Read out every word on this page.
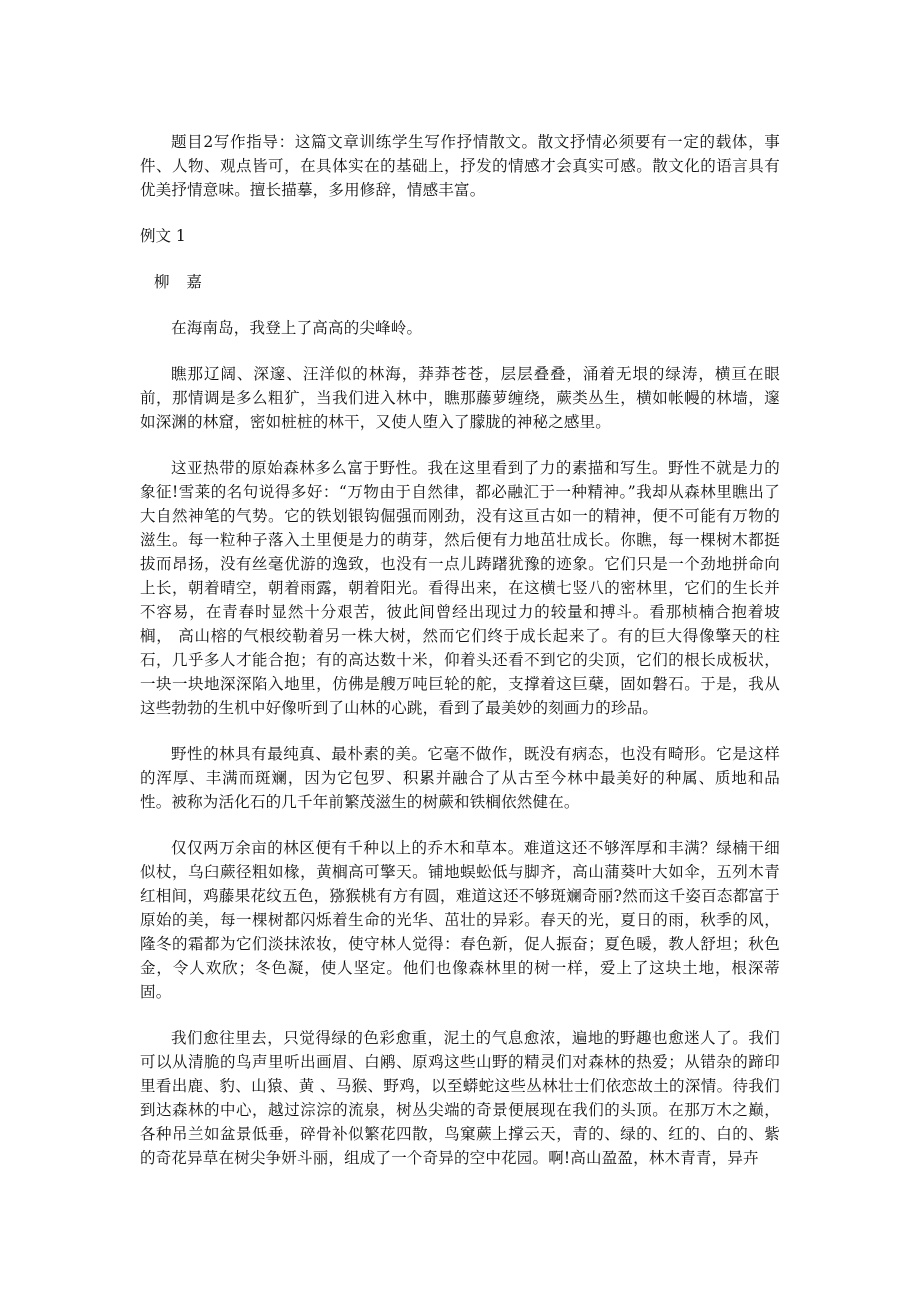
题目2写作指导：这篇文章训练学生写作抒情散文。散文抒情必须要有一定的载体，事件、人物、观点皆可，在具体实在的基础上，抒发的情感才会真实可感。散文化的语言具有优美抒情意味。擅长描摹，多用修辞，情感丰富。

例文 1

柳 嘉

在海南岛，我登上了高高的尖峰岭。

瞧那辽阔、深邃、汪洋似的林海，莽莽苍苍，层层叠叠，涌着无垠的绿涛，横亘在眼前，那情调是多么粗犷，当我们进入林中，瞧那藤萝缠绕，蕨类丛生，横如帐幔的林墙，邃如深渊的林窟，密如桩桩的林干，又使人堕入了朦胧的神秘之感里。

这亚热带的原始森林多么富于野性。我在这里看到了力的素描和写生。野性不就是力的象征!雪莱的名句说得多好：“万物由于自然律，都必融汇于一种精神。”我却从森林里瞧出了大自然神笔的气势。它的铁划银钩倔强而刚劲，没有这亘古如一的精神，便不可能有万物的滋生。每一粒种子落入土里便是力的萌芽，然后便有力地茁壮成长。你瞧，每一棵树木都挺拔而昂扬，没有丝毫优游的逸致，也没有一点儿踌躇犹豫的迹象。它们只是一个劲地拼命向上长，朝着晴空，朝着雨露，朝着阳光。看得出来，在这横七竖八的密林里，它们的生长并不容易，在青春时显然十分艰苦，彼此间曾经出现过力的较量和搏斗。看那桢楠合抱着坡榈， 高山榕的气根绞勒着另一株大树，然而它们终于成长起来了。有的巨大得像擎天的柱石，几乎多人才能合抱；有的高达数十米，仰着头还看不到它的尖顶，它们的根长成板状，一块一块地深深陷入地里，仿佛是艘万吨巨轮的舵，支撑着这巨蘖，固如磐石。于是，我从这些勃勃的生机中好像听到了山林的心跳，看到了最美妙的刻画力的珍品。

野性的林具有最纯真、最朴素的美。它毫不做作，既没有病态，也没有畸形。它是这样的浑厚、丰满而斑斓，因为它包罗、积累并融合了从古至今林中最美好的种属、质地和品性。被称为活化石的几千年前繁茂滋生的树蕨和铁榈依然健在。

仅仅两万余亩的林区便有千种以上的乔木和草本。难道这还不够浑厚和丰满？绿楠干细似杖，乌臼蕨径粗如椽，黄榈高可擎天。铺地蜈蚣低与脚齐，高山蒲葵叶大如伞，五列木青红相间，鸡藤果花纹五色，猕猴桃有方有圆，难道这还不够斑斓奇丽?然而这千姿百态都富于原始的美，每一棵树都闪烁着生命的光华、茁壮的异彩。春天的光，夏日的雨，秋季的风，隆冬的霜都为它们淡抹浓妆，使守林人觉得：春色新，促人振奋；夏色暖，教人舒坦；秋色金，令人欢欣；冬色凝，使人坚定。他们也像森林里的树一样，爱上了这块土地，根深蒂固。

我们愈往里去，只觉得绿的色彩愈重，泥土的气息愈浓，遍地的野趣也愈迷人了。我们可以从清脆的鸟声里听出画眉、白鹇、原鸡这些山野的精灵们对森林的热爱；从错杂的蹄印里看出鹿、豹、山猿、黄 、马猴、野鸡，以至蟒蛇这些丛林壮士们依恋故土的深情。待我们到达森林的中心，越过淙淙的流泉，树丛尖端的奇景便展现在我们的头顶。在那万木之巅，各种吊兰如盆景低垂，碎骨补似繁花四散，鸟窠蕨上撑云天，青的、绿的、红的、白的、紫的奇花异草在树尖争妍斗丽，组成了一个奇异的空中花园。啊!高山盈盈，林木青青，异卉
